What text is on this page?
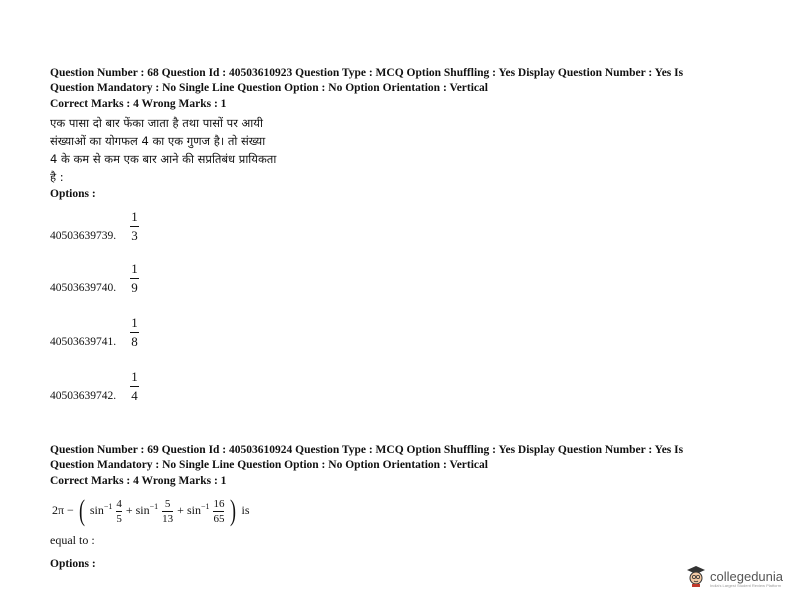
Question Number : 68 Question Id : 40503610923 Question Type : MCQ Option Shuffling : Yes Display Question Number : Yes Is
Question Mandatory : No Single Line Question Option : No Option Orientation : Vertical
Correct Marks : 4 Wrong Marks : 1
एक पासा दो बार फेंका जाता है तथा पासों पर आयी
संख्याओं का योगफल 4 का एक गुणज है। तो संख्या
4 के कम से कम एक बार आने की सप्रतिबंध प्रायिकता
है :
Options :
40503639739.
1
3
40503639740.
1
9
40503639741.
1
8
40503639742.
1
4
Question Number : 69 Question Id : 40503610924 Question Type : MCQ Option Shuffling : Yes Display Question Number : Yes Is
Question Mandatory : No Single Line Question Option : No Option Orientation : Vertical
Correct Marks : 4 Wrong Marks : 1
2π − ( $\sin^{-1} \frac{4}{5} + \sin^{-1} \frac{5}{13} + \sin^{-1} \frac{16}{65}$ ) is
equal to :
Options :
collegedunia
India's Largest Student Review Platform
